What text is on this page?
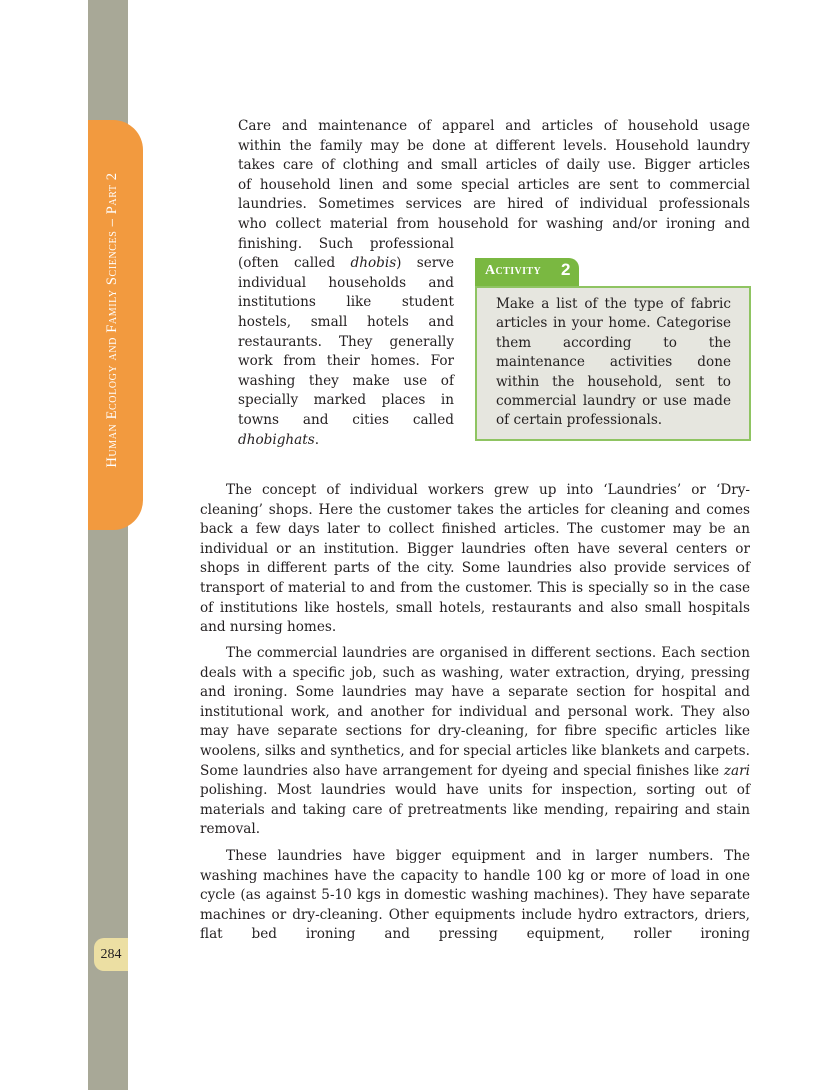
Human Ecology and Family Sciences – Part 2
284
Care and maintenance of apparel and articles of household usage
within the family may be done at different levels. Household laundry
takes care of clothing and small articles of daily use. Bigger articles
of household linen and some special articles are sent to commercial
laundries. Sometimes services are hired of individual professionals
who collect material from household for washing and/or ironing and

finishing. Such professional (often called dhobis) serve individual households and institutions like student hostels, small hotels and restaurants. They generally work from their homes. For washing they make use of specially marked places in towns and cities called dhobighats.

Activity 2

Make a list of the type of fabric articles in your home. Categorise them according to the maintenance activities done within the household, sent to commercial laundry or use made of certain professionals.

The concept of individual workers grew up into ‘Laundries’ or ‘Dry-cleaning’ shops. Here the customer takes the articles for cleaning and comes back a few days later to collect finished articles. The customer may be an individual or an institution. Bigger laundries often have several centers or shops in different parts of the city. Some laundries also provide services of transport of material to and from the customer. This is specially so in the case of institutions like hostels, small hotels, restaurants and also small hospitals and nursing homes.

The commercial laundries are organised in different sections. Each section deals with a specific job, such as washing, water extraction, drying, pressing and ironing. Some laundries may have a separate section for hospital and institutional work, and another for individual and personal work. They also may have separate sections for dry-cleaning, for fibre specific articles like woolens, silks and synthetics, and for special articles like blankets and carpets. Some laundries also have arrangement for dyeing and special finishes like zari polishing. Most laundries would have units for inspection, sorting out of materials and taking care of pretreatments like mending, repairing and stain removal.

These laundries have bigger equipment and in larger numbers. The washing machines have the capacity to handle 100 kg or more of load in one cycle (as against 5-10 kgs in domestic washing machines). They have separate machines or dry-cleaning. Other equipments include hydro extractors, driers, flat bed ironing and pressing equipment, roller ironing
